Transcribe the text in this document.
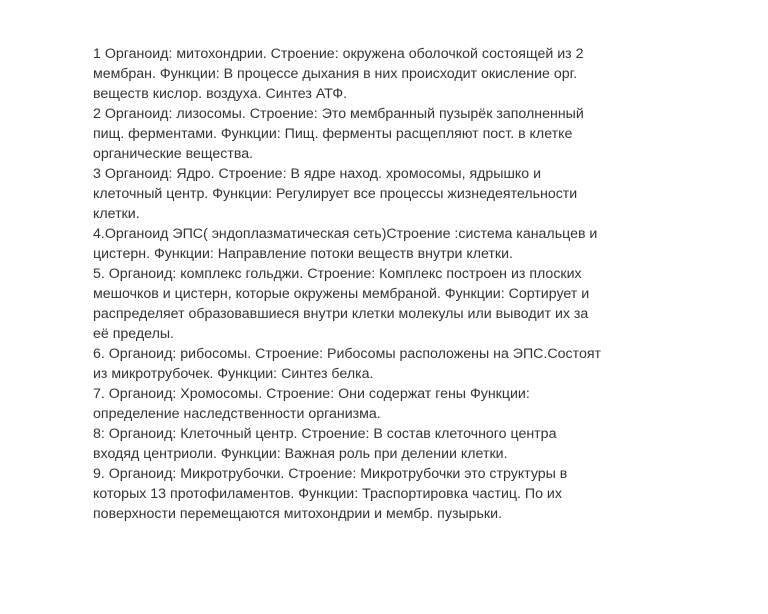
1 Органоид: митохондрии. Строение: окружена оболочкой состоящей из 2
мембран. Функции: В процессе дыхания в них происходит окисление орг.
веществ кислор. воздуха. Синтез АТФ.
2 Органоид: лизосомы. Строение: Это мембранный пузырёк заполненный
пищ. ферментами. Функции: Пищ. ферменты расщепляют пост. в клетке
органические вещества.
3 Органоид: Ядро. Строение: В ядре наход. хромосомы, ядрышко и
клеточный центр. Функции: Регулирует все процессы жизнедеятельности
клетки.
4.Органоид ЭПС( эндоплазматическая сеть)Строение :система канальцев и
цистерн. Функции: Направление потоки веществ внутри клетки.
5. Органоид: комплекс гольджи. Строение: Комплекс построен из плоских
мешочков и цистерн, которые окружены мембраной. Функции: Сортирует и
распределяет образовавшиеся внутри клетки молекулы или выводит их за
её пределы.
6. Органоид: рибосомы. Строение: Рибосомы расположены на ЭПС.Состоят
из микротрубочек. Функции: Синтез белка.
7. Органоид: Хромосомы. Строение: Они содержат гены Функции:
определение наследственности организма.
8: Органоид: Клеточный центр. Строение: В состав клеточного центра
входяд центриоли. Функции: Важная роль при делении клетки.
9. Органоид: Микротрубочки. Строение: Микротрубочки это структуры в
которых 13 протофиламентов. Функции: Траспортировка частиц. По их
поверхности перемещаются митохондрии и мембр. пузырьки.
